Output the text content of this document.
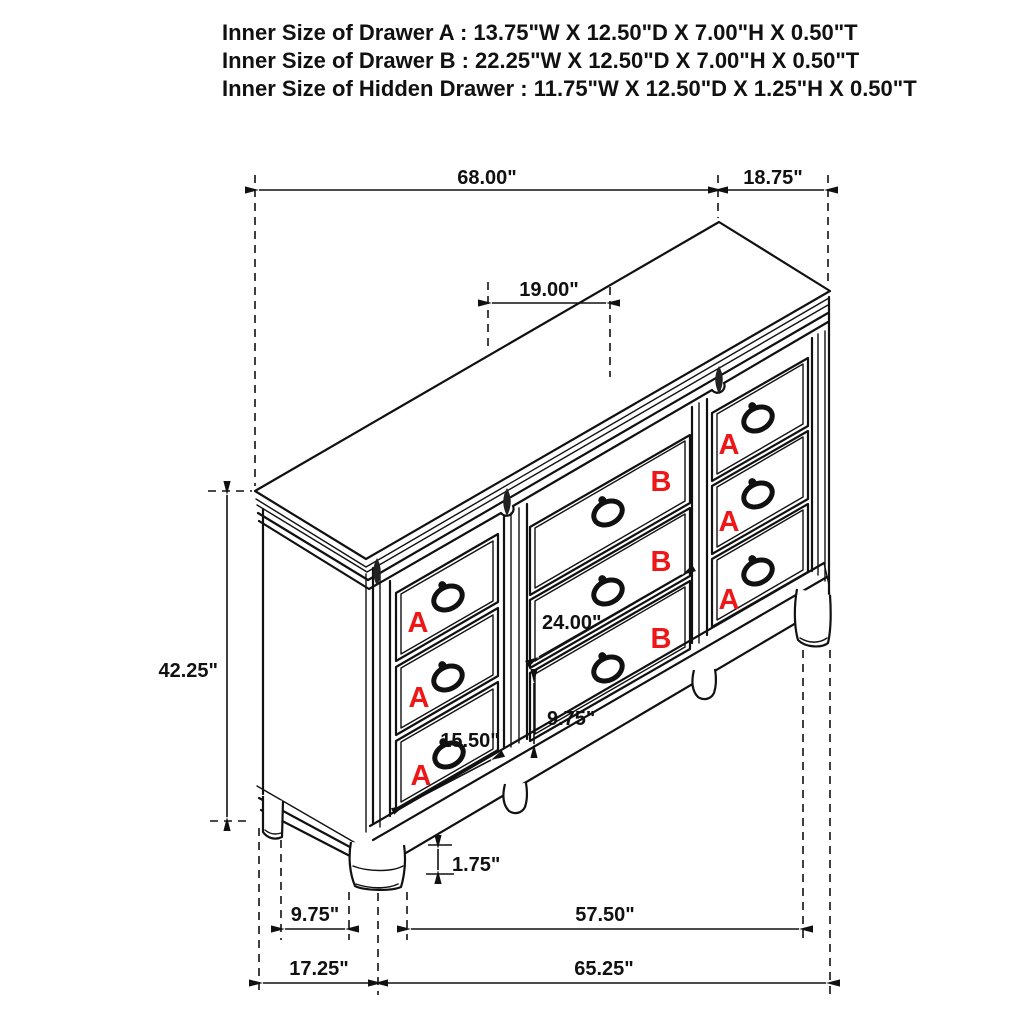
Inner Size of Drawer A : 13.75"W X 12.50"D X 7.00"H X 0.50"T
Inner Size of Drawer B : 22.25"W X 12.50"D X 7.00"H X 0.50"T
Inner Size of Hidden Drawer : 11.75"W X 12.50"D X 1.25"H X 0.50"T
A
A
A
B
B
B
A
A
A
68.00"	18.75"
19.00"
42.25"
24.00"
9.75"
15.50"
1.75"
9.75"	57.50"
17.25"	65.25"
